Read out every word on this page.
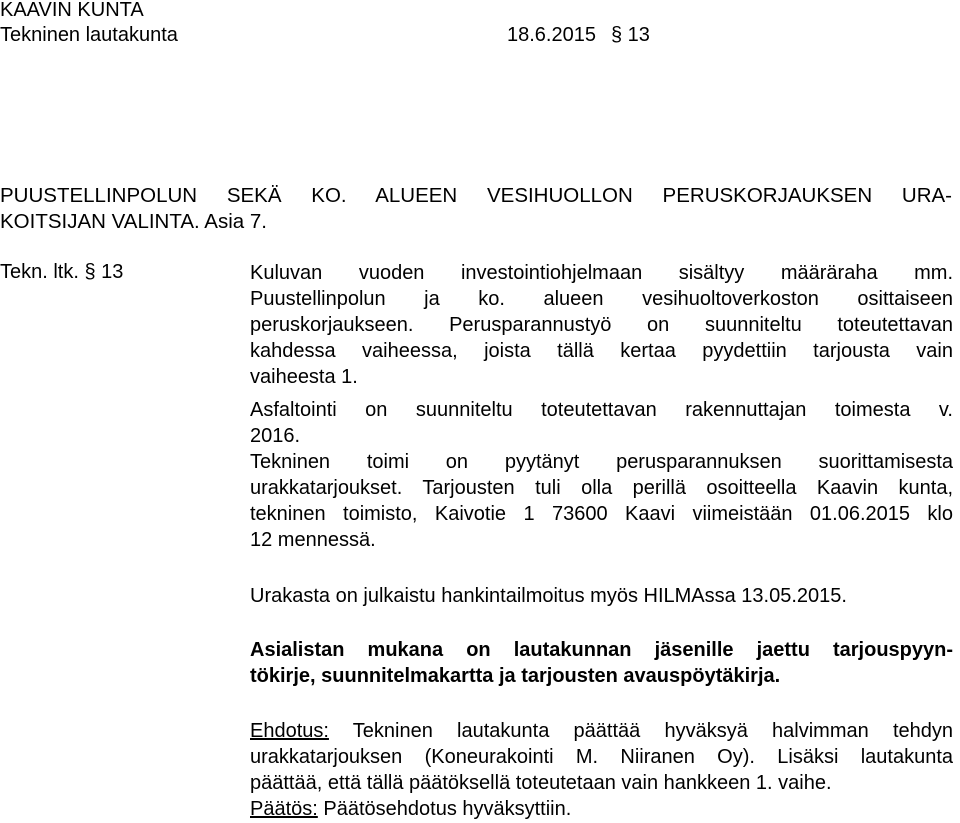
KAAVIN KUNTA
Tekninen lautakunta	18.6.2015 § 13
PUUSTELLINPOLUN SEKÄ KO. ALUEEN VESIHUOLLON PERUSKORJAUKSEN URA-
KOITSIJAN VALINTA. Asia 7.
Tekn. ltk. § 13	Kuluvan vuoden investointiohjelmaan sisältyy määräraha mm.
Puustellinpolun ja ko. alueen vesihuoltoverkoston osittaiseen
peruskorjaukseen. Perusparannustyö on suunniteltu toteutettavan
kahdessa vaiheessa, joista tällä kertaa pyydettiin tarjousta vain
vaiheesta 1.
Asfaltointi on suunniteltu toteutettavan rakennuttajan toimesta v.
2016.
Tekninen toimi on pyytänyt perusparannuksen suorittamisesta
urakkatarjoukset. Tarjousten tuli olla perillä osoitteella Kaavin kunta,
tekninen toimisto, Kaivotie 1 73600 Kaavi viimeistään 01.06.2015 klo
12 mennessä.
Urakasta on julkaistu hankintailmoitus myös HILMAssa 13.05.2015.
Asialistan mukana on lautakunnan jäsenille jaettu tarjouspyyn-
tökirje, suunnitelmakartta ja tarjousten avauspöytäkirja.
Ehdotus: Tekninen lautakunta päättää hyväksyä halvimman tehdyn
urakkatarjouksen (Koneurakointi M. Niiranen Oy). Lisäksi lautakunta
päättää, että tällä päätöksellä toteutetaan vain hankkeen 1. vaihe.
Päätös: Päätösehdotus hyväksyttiin.
